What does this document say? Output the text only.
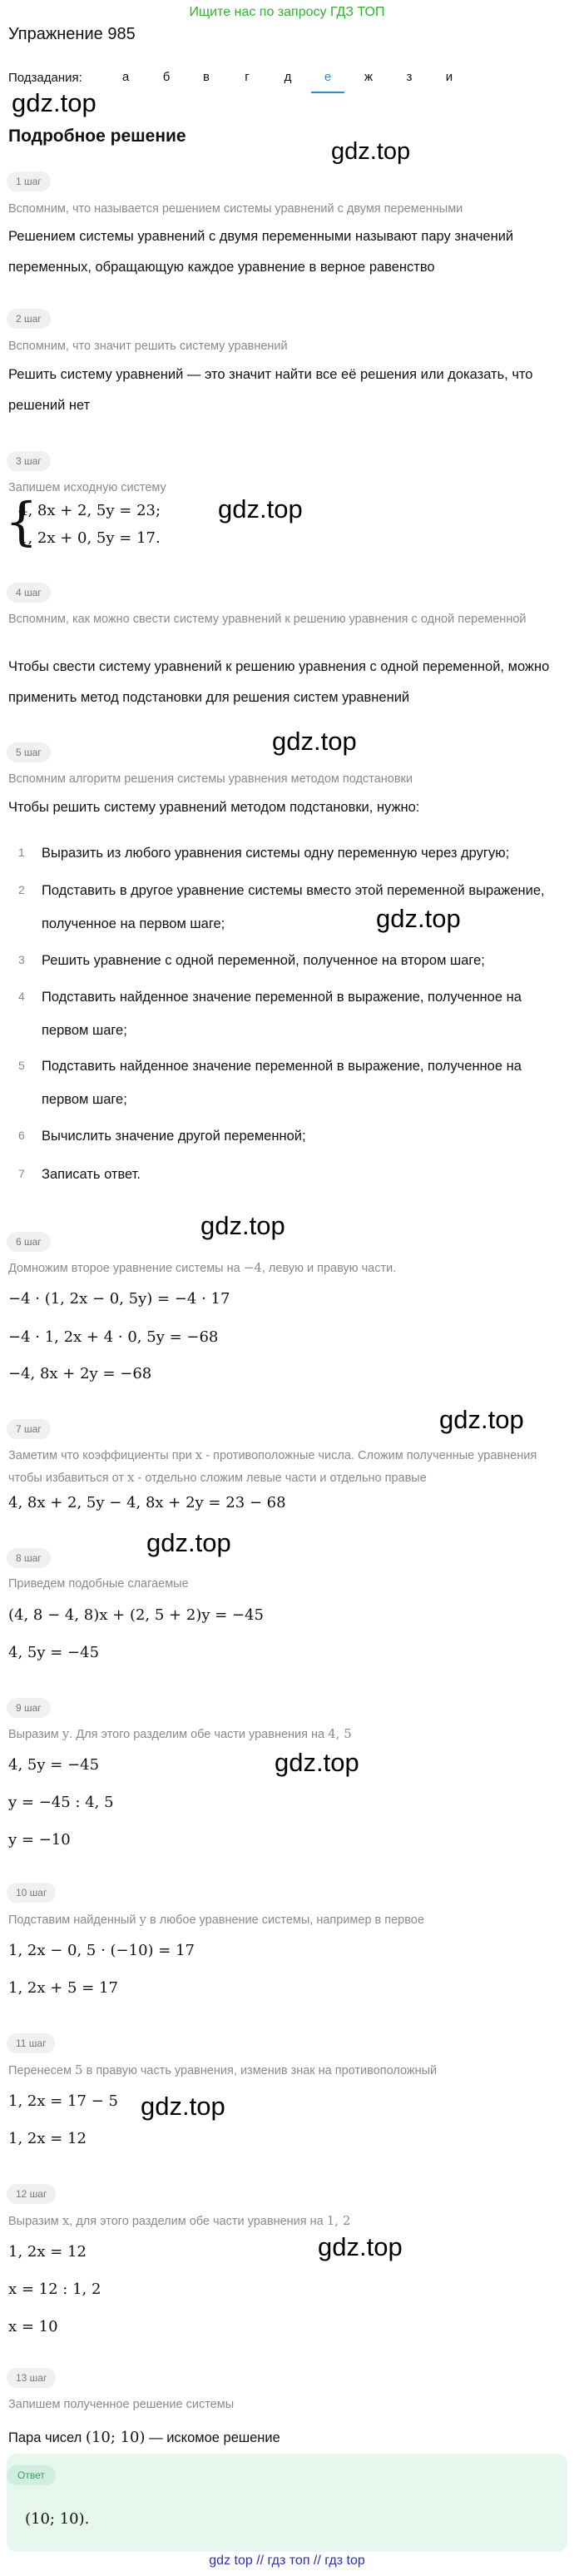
Ищите нас по запросу ГДЗ ТОП
Упражнение 985
Подзадания:	а	б	в	г	д	е	ж	з	и
gdz.top
gdz.top
gdz.top
gdz.top
gdz.top
gdz.top
gdz.top
gdz.top
gdz.top
gdz.top
gdz.top
Подробное решение
1 шаг
Вспомним, что называется решением системы уравнений с двумя переменными
Решением системы уравнений с двумя переменными называют пару значений переменных, обращающую каждое уравнение в верное равенство
2 шаг
Вспомним, что значит решить систему уравнений
Решить систему уравнений — это значит найти все её решения или доказать, что решений нет
3 шаг
Запишем исходную систему
{
4, 8x + 2, 5y = 23;
1, 2x + 0, 5y = 17.
4 шаг
Вспомним, как можно свести систему уравнений к решению уравнения с одной переменной
Чтобы свести систему уравнений к решению уравнения с одной переменной, можно применить метод подстановки для решения систем уравнений
5 шаг
Вспомним алгоритм решения системы уравнения методом подстановки
Чтобы решить систему уравнений методом подстановки, нужно:
1 Выразить из любого уравнения системы одну переменную через другую;
2 Подставить в другое уравнение системы вместо этой переменной выражение, полученное на первом шаге;
3 Решить уравнение с одной переменной, полученное на втором шаге;
4 Подставить найденное значение переменной в выражение, полученное на первом шаге;
5 Подставить найденное значение переменной в выражение, полученное на первом шаге;
6 Вычислить значение другой переменной;
7 Записать ответ.
6 шаг
Домножим второе уравнение системы на −4, левую и правую части.
−4 · (1, 2x − 0, 5y) = −4 · 17
−4 · 1, 2x + 4 · 0, 5y = −68
−4, 8x + 2y = −68
7 шаг
Заметим что коэффициенты при x - противоположные числа. Сложим полученные уравнения чтобы избавиться от x - отдельно сложим левые части и отдельно правые
4, 8x + 2, 5y − 4, 8x + 2y = 23 − 68
8 шаг
Приведем подобные слагаемые
(4, 8 − 4, 8)x + (2, 5 + 2)y = −45
4, 5y = −45
9 шаг
Выразим y. Для этого разделим обе части уравнения на 4, 5
4, 5y = −45
y = −45 : 4, 5
y = −10
10 шаг
Подставим найденный y в любое уравнение системы, например в первое
1, 2x − 0, 5 · (−10) = 17
1, 2x + 5 = 17
11 шаг
Перенесем 5 в правую часть уравнения, изменив знак на противоположный
1, 2x = 17 − 5
1, 2x = 12
12 шаг
Выразим x, для этого разделим обе части уравнения на 1, 2
1, 2x = 12
x = 12 : 1, 2
x = 10
13 шаг
Запишем полученное решение системы
Пара чисел (10; 10) — искомое решение
Ответ
(10; 10).
gdz top // гдз топ // гдз top
